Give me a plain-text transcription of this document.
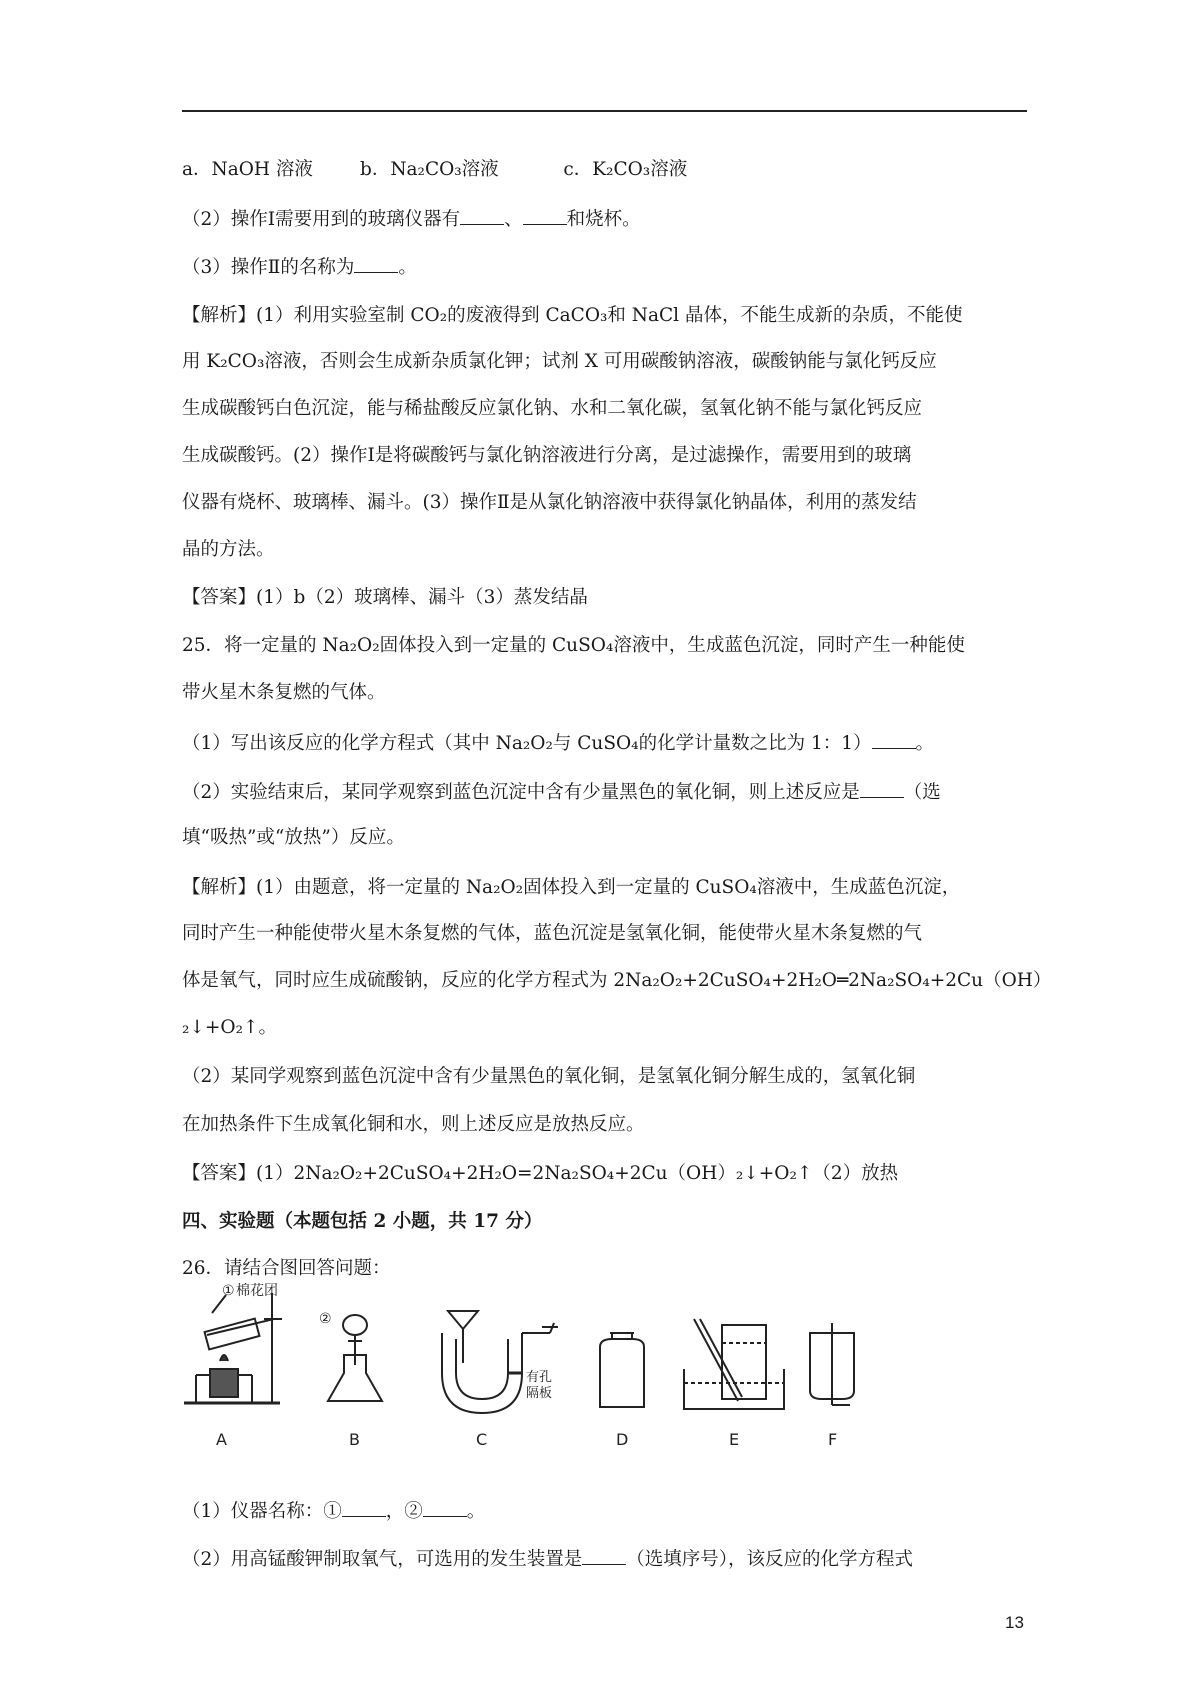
a．NaOH 溶液        b．Na₂CO₃溶液           c．K₂CO₃溶液
（2）操作Ⅰ需要用到的玻璃仪器有 、 和烧杯。
（3）操作Ⅱ的名称为 。
【解析】(1）利用实验室制 CO₂的废液得到 CaCO₃和 NaCl 晶体，不能生成新的杂质，不能使
用 K₂CO₃溶液，否则会生成新杂质氯化钾；试剂 X 可用碳酸钠溶液，碳酸钠能与氯化钙反应
生成碳酸钙白色沉淀，能与稀盐酸反应氯化钠、水和二氧化碳，氢氧化钠不能与氯化钙反应
生成碳酸钙。(2）操作Ⅰ是将碳酸钙与氯化钠溶液进行分离，是过滤操作，需要用到的玻璃
仪器有烧杯、玻璃棒、漏斗。(3）操作Ⅱ是从氯化钠溶液中获得氯化钠晶体，利用的蒸发结
晶的方法。
【答案】(1）b（2）玻璃棒、漏斗（3）蒸发结晶
25．将一定量的 Na₂O₂固体投入到一定量的 CuSO₄溶液中，生成蓝色沉淀，同时产生一种能使
带火星木条复燃的气体。
（1）写出该反应的化学方程式（其中 Na₂O₂与 CuSO₄的化学计量数之比为 1：1） 。
（2）实验结束后，某同学观察到蓝色沉淀中含有少量黑色的氧化铜，则上述反应是 （选
填“吸热”或“放热”）反应。
【解析】(1）由题意，将一定量的 Na₂O₂固体投入到一定量的 CuSO₄溶液中，生成蓝色沉淀，
同时产生一种能使带火星木条复燃的气体，蓝色沉淀是氢氧化铜，能使带火星木条复燃的气
体是氧气，同时应生成硫酸钠，反应的化学方程式为 2Na₂O₂+2CuSO₄+2H₂O═2Na₂SO₄+2Cu（OH）
₂↓+O₂↑。
（2）某同学观察到蓝色沉淀中含有少量黑色的氧化铜，是氢氧化铜分解生成的，氢氧化铜
在加热条件下生成氧化铜和水，则上述反应是放热反应。
【答案】(1）2Na₂O₂+2CuSO₄+2H₂O=2Na₂SO₄+2Cu（OH）₂↓+O₂↑（2）放热
四、实验题（本题包括 2 小题，共 17 分）
26．请结合图回答问题：
① 棉花团
A
②
B
有孔
隔板
C	D	E	F
（1）仪器名称：① ，② 。
（2）用高锰酸钾制取氧气，可选用的发生装置是 （选填序号），该反应的化学方程式
13
